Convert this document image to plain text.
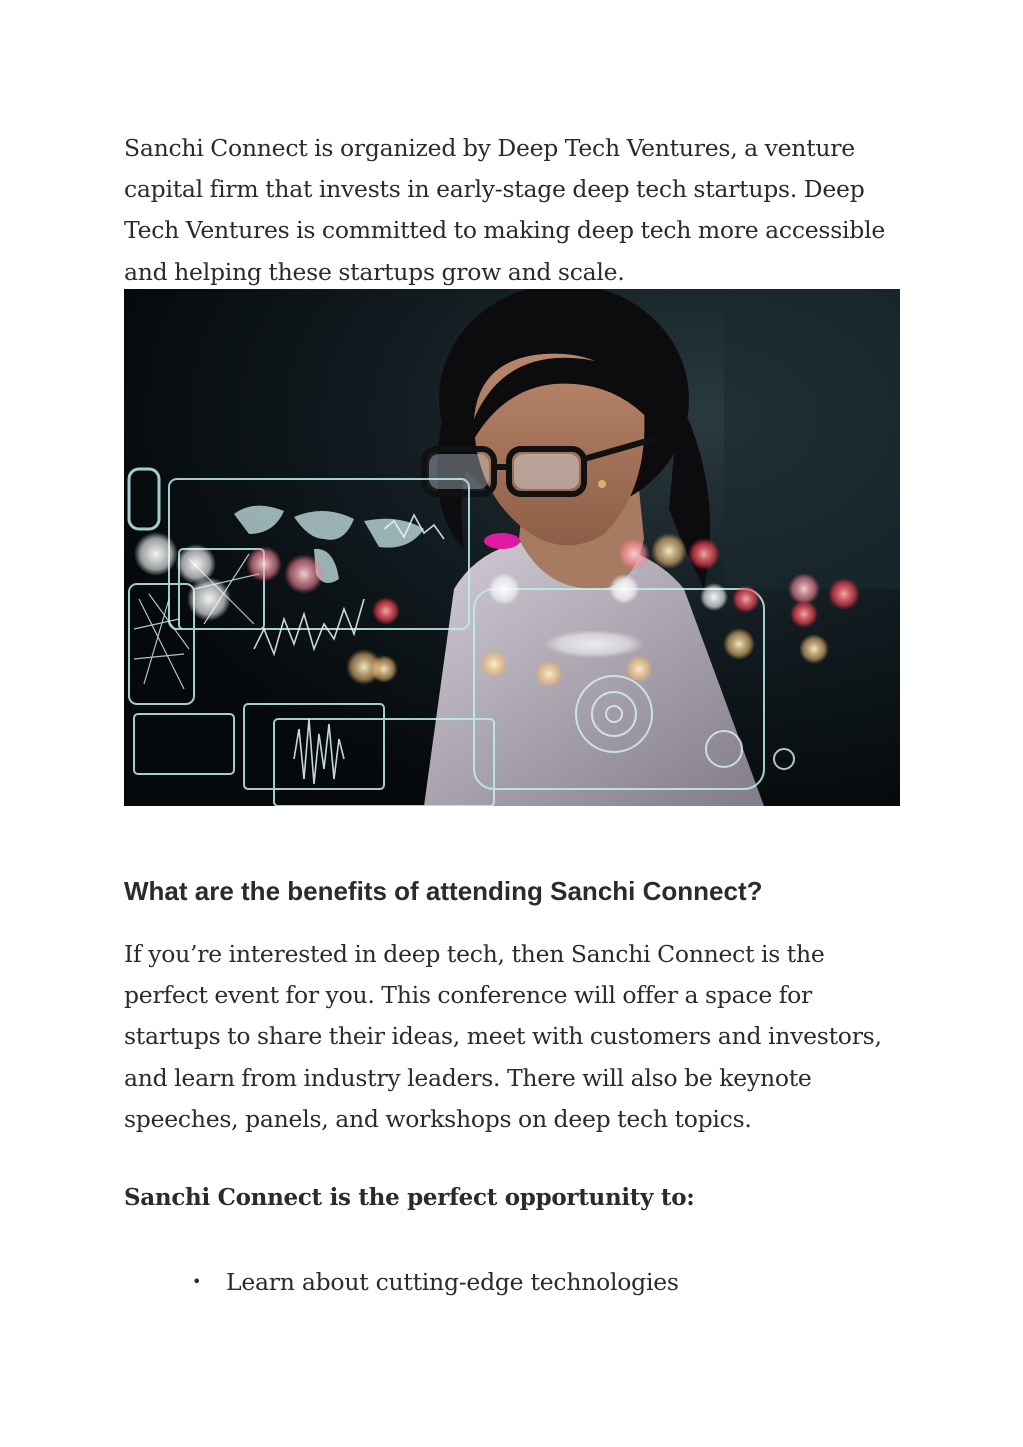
Sanchi Connect is organized by Deep Tech Ventures, a venture capital firm that invests in early-stage deep tech startups. Deep Tech Ventures is committed to making deep tech more accessible and helping these startups grow and scale.

What are the benefits of attending Sanchi Connect?

If you’re interested in deep tech, then Sanchi Connect is the perfect event for you. This conference will offer a space for startups to share their ideas, meet with customers and investors, and learn from industry leaders. There will also be keynote speeches, panels, and workshops on deep tech topics.

Sanchi Connect is the perfect opportunity to:
•	Learn about cutting-edge technologies
